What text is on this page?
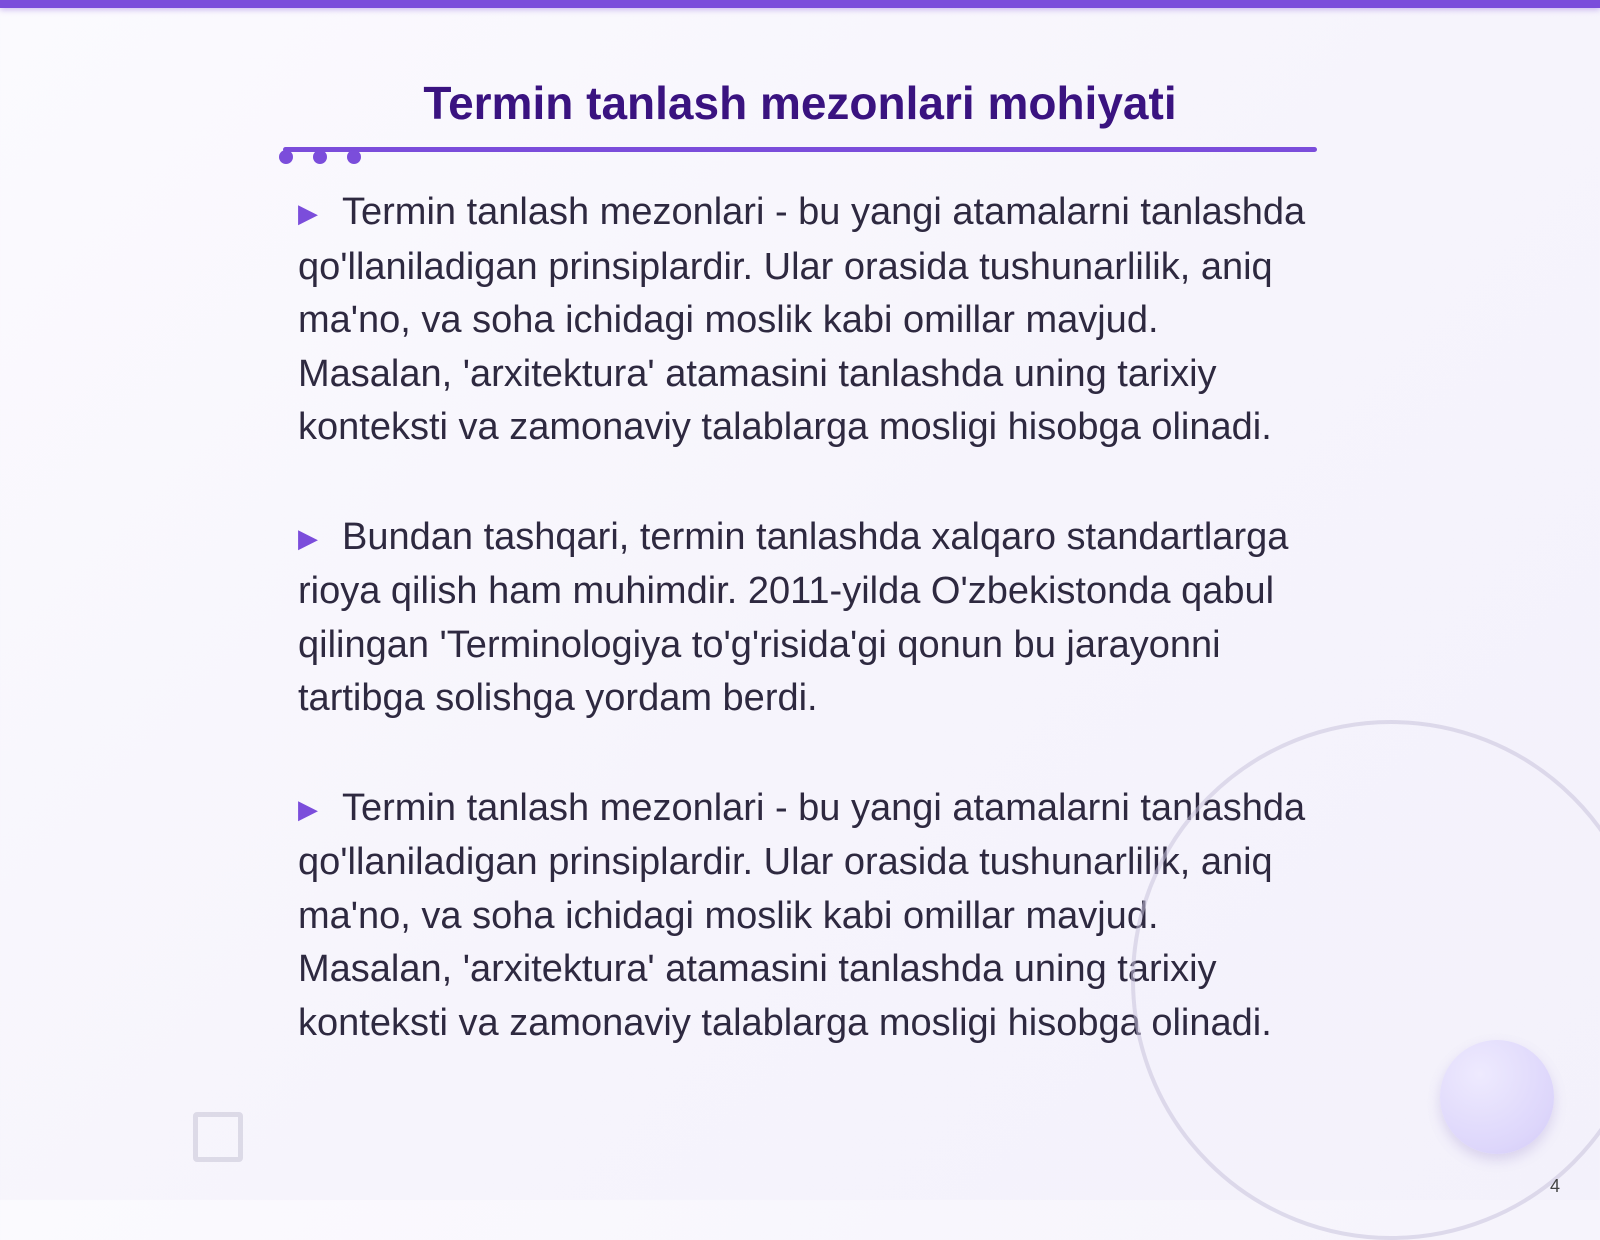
Termin tanlash mezonlari mohiyati

▶ Termin tanlash mezonlari - bu yangi atamalarni tanlashda qo'llaniladigan prinsiplardir. Ular orasida tushunarlilik, aniq ma'no, va soha ichidagi moslik kabi omillar mavjud. Masalan, 'arxitektura' atamasini tanlashda uning tarixiy konteksti va zamonaviy talablarga mosligi hisobga olinadi.

▶ Bundan tashqari, termin tanlashda xalqaro standartlarga rioya qilish ham muhimdir. 2011-yilda O'zbekistonda qabul qilingan 'Terminologiya to'g'risida'gi qonun bu jarayonni tartibga solishga yordam berdi.

▶ Termin tanlash mezonlari - bu yangi atamalarni tanlashda qo'llaniladigan prinsiplardir. Ular orasida tushunarlilik, aniq ma'no, va soha ichidagi moslik kabi omillar mavjud. Masalan, 'arxitektura' atamasini tanlashda uning tarixiy konteksti va zamonaviy talablarga mosligi hisobga olinadi.

4
